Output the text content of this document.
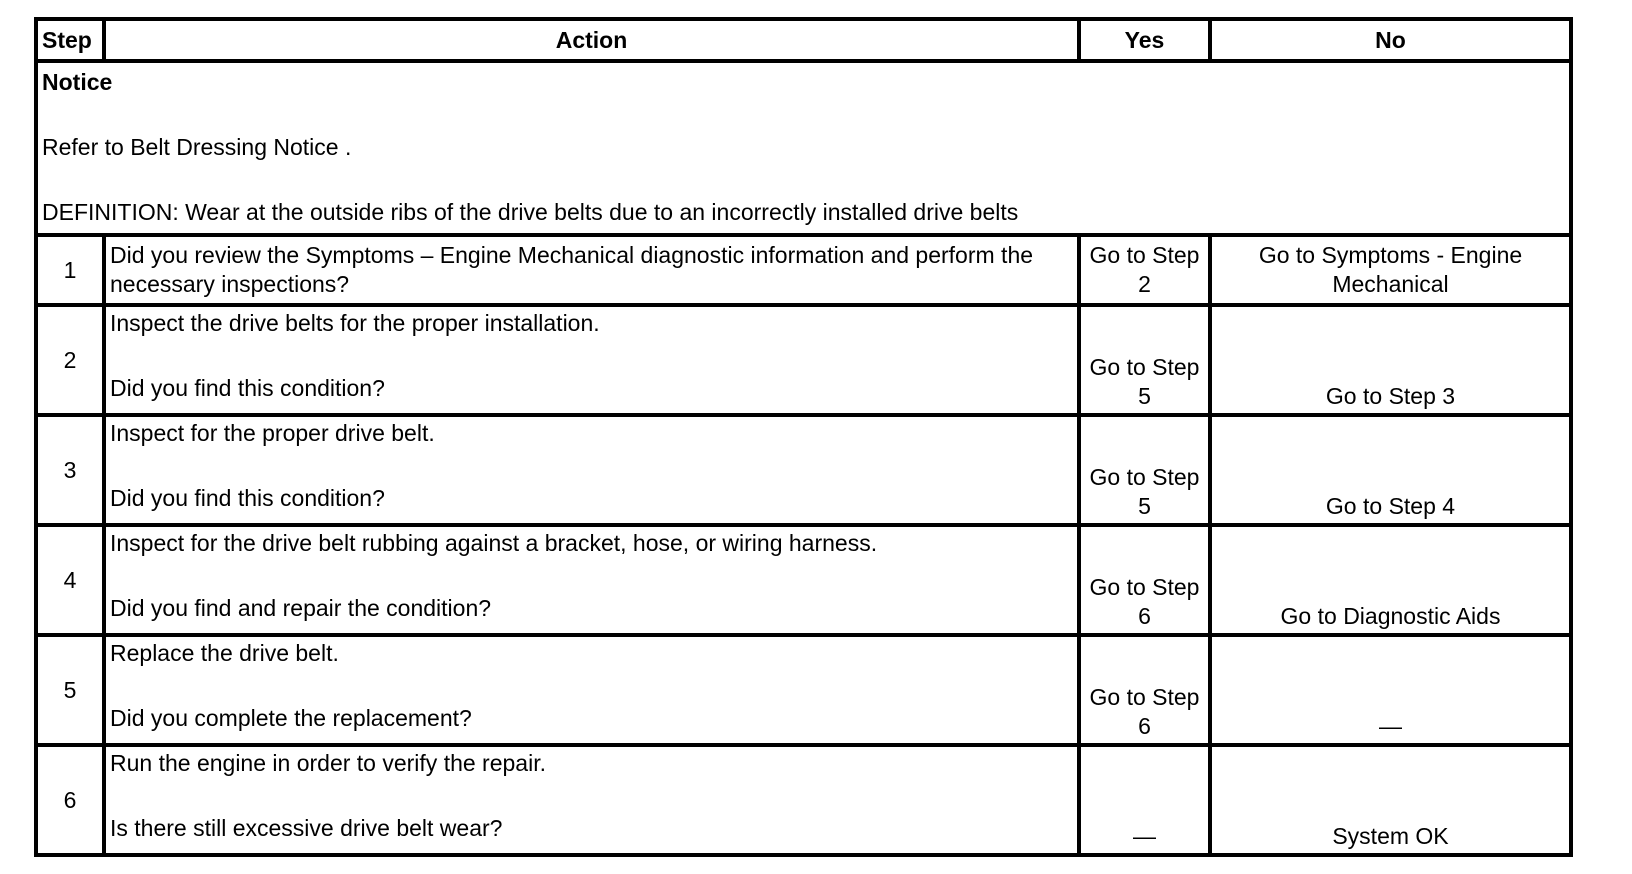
Step	Action	Yes	No

Notice
Refer to Belt Dressing Notice .
DEFINITION: Wear at the outside ribs of the drive belts due to an incorrectly installed drive belts			

1	Did you review the Symptoms – Engine Mechanical diagnostic information and perform the necessary inspections?	Go to Step 2	Go to Symptoms - Engine Mechanical
2	Inspect the drive belts for the proper installation.
Did you find this condition?	Go to Step 5	Go to Step 3
3	Inspect for the proper drive belt.
Did you find this condition?	Go to Step 5	Go to Step 4
4	Inspect for the drive belt rubbing against a bracket, hose, or wiring harness.
Did you find and repair the condition?	Go to Step 6	Go to Diagnostic Aids
5	Replace the drive belt.
Did you complete the replacement?	Go to Step 6	—
6	Run the engine in order to verify the repair.
Is there still excessive drive belt wear?	—	System OK
